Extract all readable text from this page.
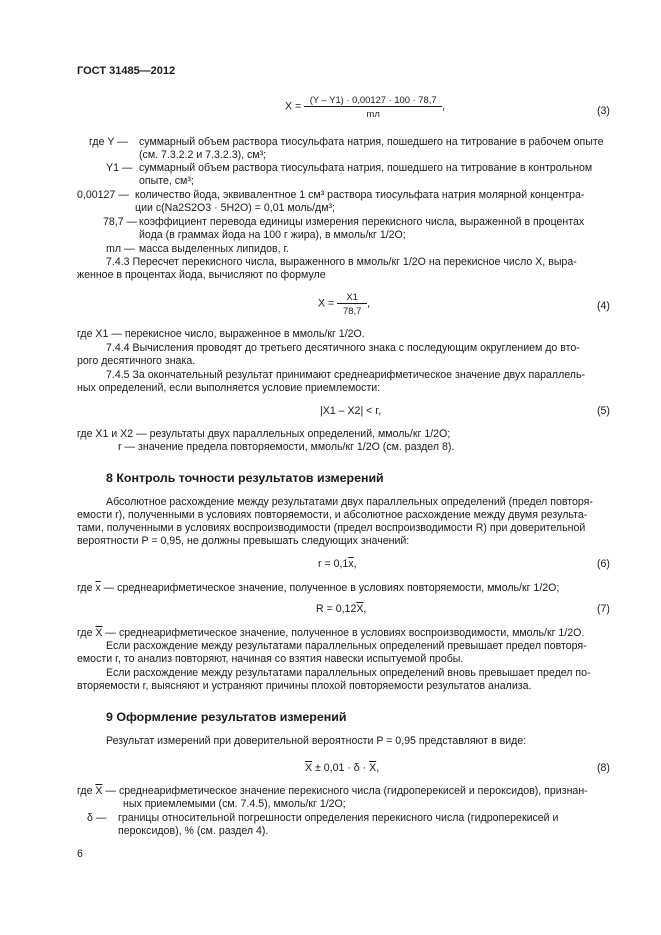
ГОСТ 31485—2012
$X = \frac{(Y - Y1) \cdot 0,00127 \cdot 100 \cdot 78,7}{mл}$ ,	(3)
где Y — суммарный объем раствора тиосульфата натрия, пошедшего на титрование в рабочем опыте
(см. 7.3.2.2 и 7.3.2.3), см³;
Y1 — суммарный объем раствора тиосульфата натрия, пошедшего на титрование в контрольном
опыте, см³;
0,00127 — количество йода, эквивалентное 1 см³ раствора тиосульфата натрия молярной концентра-
ции c(Na2S2O3 · 5H2O) = 0,01 моль/дм³;
78,7 — коэффициент перевода единицы измерения перекисного числа, выраженной в процентах
йода (в граммах йода на 100 г жира), в ммоль/кг 1/2О;
mл — масса выделенных липидов, г.
7.4.3 Пересчет перекисного числа, выраженного в ммоль/кг 1/2О на перекисное число X, выра-
женное в процентах йода, вычисляют по формуле
$X = \frac{X1}{78,7}$ ,	(4)
где X1 — перекисное число, выраженное в ммоль/кг 1/2О.
7.4.4 Вычисления проводят до третьего десятичного знака с последующим округлением до вто-
рого десятичного знака.
7.4.5 За окончательный результат принимают среднеарифметическое значение двух параллель-
ных определений, если выполняется условие приемлемости:
|X1 – X2| < r,	(5)
где X1 и X2 — результаты двух параллельных определений, ммоль/кг 1/2О;
r — значение предела повторяемости, ммоль/кг 1/2О (см. раздел 8).
8 Контроль точности результатов измерений
Абсолютное расхождение между результатами двух параллельных определений (предел повторя-
емости r), полученными в условиях повторяемости, и абсолютное расхождение между двумя результа-
тами, полученными в условиях воспроизводимости (предел воспроизводимости R) при доверительной
вероятности P = 0,95, не должны превышать следующих значений:
$r = 0,1\overline{x}$,	(6)
где $\overline{x}$ — среднеарифметическое значение, полученное в условиях повторяемости, ммоль/кг 1/2О;
$R = 0,12\overline{X}$,	(7)
где $\overline{X}$ — среднеарифметическое значение, полученное в условиях воспроизводимости, ммоль/кг 1/2О.
Если расхождение между результатами параллельных определений превышает предел повторя-
емости r, то анализ повторяют, начиная со взятия навески испытуемой пробы.
Если расхождение между результатами параллельных определений вновь превышает предел по-
вторяемости r, выясняют и устраняют причины плохой повторяемости результатов анализа.
9 Оформление результатов измерений
Результат измерений при доверительной вероятности P = 0,95 представляют в виде:
$\overline{X} \pm 0,01 \cdot \delta \cdot \overline{X}$,	(8)
где $\overline{X}$ — среднеарифметическое значение перекисного числа (гидроперекисей и пероксидов), признан-
ных приемлемыми (см. 7.4.5), ммоль/кг 1/2О;
δ — границы относительной погрешности определения перекисного числа (гидроперекисей и
пероксидов), % (см. раздел 4).
6
